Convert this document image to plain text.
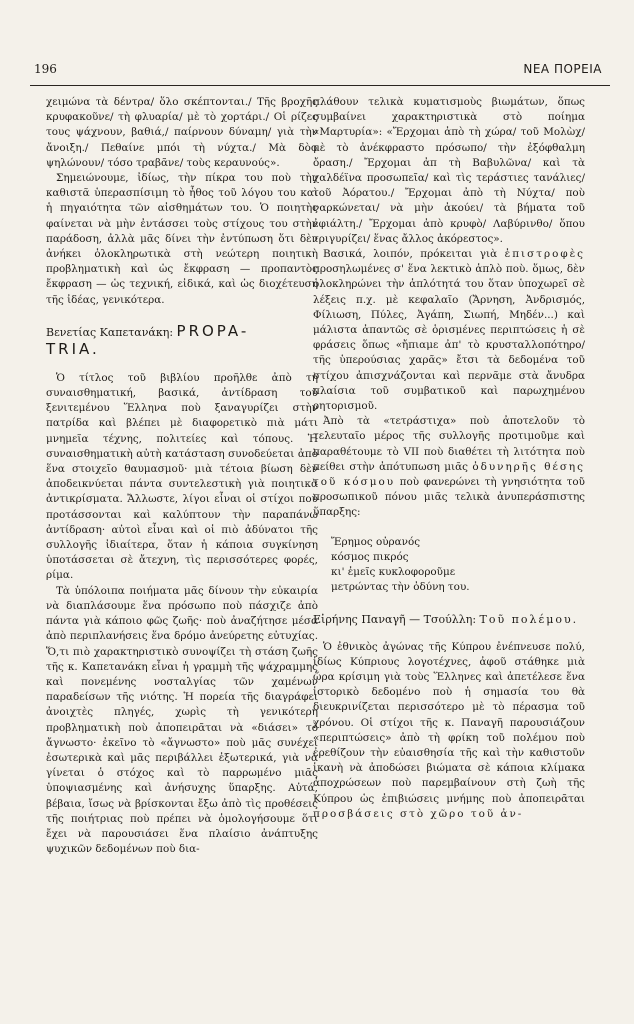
196	ΝΕΑ ΠΟΡΕΙΑ

χειμώνα τὰ δέντρα/ ὅλο σκέπτονται./ Τῆς βροχῆς κρυφακοῦνε/ τὴ φλυαρία/ μὲ τὸ χορτάρι./ Οἱ ρίζες τους ψάχνουν, βαθιά,/ παίρνουν δύναμη/ γιὰ τὴν ἄνοιξη./ Πεθαίνε μπόι τὴ νύχτα./ Μὰ δὸσ ψηλώνουν/ τόσο τραβᾶνε/ τοὺς κεραυνούς».

Σημειώνουμε, ἰδίως, τὴν πίκρα του ποὺ τὴν καθιστᾶ ὑπερασπίσιμη τὸ ἦθος τοῦ λόγου του καὶ ἡ πηγαιότητα τῶν αἰσθημάτων του. Ὁ ποιητὴς φαίνεται νὰ μὴν ἐντάσσει τοὺς στίχους του στὴν παράδοση, ἀλλὰ μᾶς δίνει τὴν ἐντύπωση ὅτι δὲν ἀνήκει ὁλοκληρωτικὰ στὴ νεώτερη ποιητικὴ προβληματικὴ καὶ ὡς ἔκφραση — προπαντὸς ἔκφραση — ὡς τεχνική, εἰδικά, καὶ ὡς διοχέτευση τῆς ἰδέας, γενικότερα.

Βενετίας Καπετανάκη: PROPA-
TRIA.

Ὁ τίτλος τοῦ βιβλίου προῆλθε ἀπὸ τὴ συναισθηματική, βασικά, ἀντίδραση τοῦ ξενιτεμένου Ἕλληνα ποὺ ξαναγυρίζει στὴν πατρίδα καὶ βλέπει μὲ διαφορετικὸ πιὰ μάτι μνημεῖα τέχνης, πολιτείες καὶ τόπους. Ἡ συναισθηματικὴ αὐτὴ κατάσταση συνοδεύεται ἀπὸ ἕνα στοιχεῖο θαυμασμοῦ· μιὰ τέτοια βίωση δὲν ἀποδεικνύεται πάντα συντελεστικὴ γιὰ ποιητικὰ ἀντικρίσματα. Ἄλλωστε, λίγοι εἶναι οἱ στίχοι ποὺ προτάσσονται καὶ καλύπτουν τὴν παραπάνω ἀντίδραση· αὐτοὶ εἶναι καὶ οἱ πιὸ ἀδύνατοι τῆς συλλογῆς ἰδιαίτερα, ὅταν ἡ κάποια συγκίνηση ὑποτάσσεται σὲ ἄτεχνη, τὶς περισσότερες φορές, ρίμα.

Τὰ ὑπόλοιπα ποιήματα μᾶς δίνουν τὴν εὐκαιρία νὰ διαπλάσουμε ἕνα πρόσωπο ποὺ πάσχιζε ἀπὸ πάντα γιὰ κάποιο φῶς ζωῆς· ποὺ ἀναζήτησε μέσα ἀπὸ περιπλανήσεις ἕνα δρόμο ἀνεύρετης εὐτυχίας. Ὅ,τι πιὸ χαρακτηριστικὸ συνοψίζει τὴ στάση ζωῆς τῆς κ. Καπετανάκη εἶναι ἡ γραμμὴ τῆς ψάχραμμης καὶ πονεμένης νοσταλγίας τῶν χαμένων παραδείσων τῆς νιότης. Ἡ πορεία τῆς διαγράφει ἀνοιχτὲς πληγές, χωρὶς τὴ γενικότερη προβληματικὴ ποὺ ἀποπειρᾶται νὰ «διάσει» τὸ ἄγνωστο· ἐκεῖνο τὸ «ἄγνωστο» ποὺ μᾶς συνέχει ἐσωτερικὰ καὶ μᾶς περιβάλλει ἐξωτερικά, γιὰ νὰ γίνεται ὁ στόχος καὶ τὸ παρρωμένο μιᾶς ὑποψιασμένης καὶ ἀνήσυχης ὕπαρξης. Αὐτά, βέβαια, ἴσως νὰ βρίσκονται ἔξω ἀπὸ τὶς προθέσεις τῆς ποιήτριας ποὺ πρέπει νὰ ὁμολογήσουμε ὅτι ἔχει νὰ παρουσιάσει ἕνα πλαίσιο ἀνάπτυξης ψυχικῶν δεδομένων ποὺ δια-

πλάθουν τελικὰ κυματισμοὺς βιωμάτων, ὅπως συμβαίνει χαρακτηριστικὰ στὸ ποίημα «Μαρτυρία»: «Ἔρχομαι ἀπὸ τὴ χώρα/ τοῦ Μολὼχ/ μὲ τὸ ἀνέκφραστο πρόσωπο/ τὴν ἐξόφθαλμη ὄραση./ Ἔρχομαι ἀπ τὴ Βαβυλῶνα/ καὶ τὰ χαλδέϊνα προσωπεῖα/ καὶ τὶς τεράστιες τανάλιες/ τοῦ Ἀόρατου./ Ἔρχομαι ἀπὸ τὴ Νύχτα/ ποὺ ναρκώνεται/ νὰ μὴν ἀκούει/ τὰ βήματα τοῦ ἐφιάλτη./ Ἔρχομαι ἀπὸ κρυφὸ/ Λαβύρινθο/ ὅπου τριγυρίζει/ ἕνας ἄλλος ἀκόρεστος».

Βασικά, λοιπόν, πρόκειται γιὰ ἐπιστροφὲς προσηλωμένες σ' ἕνα λεκτικὸ ἁπλὸ ποὺ. ὅμως, δὲν ὁλοκληρώνει τὴν ἁπλότητά του ὅταν ὑποχωρεῖ σὲ λέξεις π.χ. μὲ κεφαλαῖο (Ἄρνηση, Ἀνδρισμός, Φίλιωση, Πύλες, Ἀγάπη, Σιωπή, Μηδέν...) καὶ μάλιστα ἀπαντῶς σὲ ὁρισμένες περιπτώσεις ἡ σὲ φράσεις ὅπως «ἤπιαμε ἀπ' τὸ κρυσταλλοπότηρο/ τῆς ὑπερούσιας χαρᾶς» ἔτσι τὰ δεδομένα τοῦ στίχου ἀπισχνάζονται καὶ περνᾶμε στὰ ἄνυδρα πλαίσια τοῦ συμβατικοῦ καὶ παρωχημένου ρητορισμοῦ.

Ἀπὸ τὰ «τετράστιχα» ποὺ ἀποτελοῦν τὸ τελευταῖο μέρος τῆς συλλογῆς προτιμοῦμε καὶ παραθέτουμε τὸ VII ποὺ διαθέτει τὴ λιτότητα ποὺ πείθει στὴν ἀπότυπωση μιᾶς ὀδυνηρῆς θέσης τοῦ κόσμου ποὺ φανερώνει τὴ γνησιότητα τοῦ προσωπικοῦ πόνου μιᾶς τελικὰ ἀνυπεράσπιστης ὕπαρξης:

Ἔρημος οὐρανός
κόσμος πικρός
κι' ἐμεῖς κυκλοφοροῦμε
μετρώντας τὴν ὀδύνη του.

Εἰρήνης Παναγῆ — Τσούλλη: Τοῦ πολέμου.

Ὁ ἐθνικὸς ἀγώνας τῆς Κύπρου ἐνέπνευσε πολύ, ἰδίως Κύπριους λογοτέχνες, ἀφοῦ στάθηκε μιὰ ὥρα κρίσιμη γιὰ τοὺς Ἕλληνες καὶ ἀπετέλεσε ἕνα ἱστορικὸ δεδομένο ποὺ ἡ σημασία του θὰ διευκρινίζεται περισσότερο μὲ τὸ πέρασμα τοῦ χρόνου. Οἱ στίχοι τῆς κ. Παναγῆ παρουσιάζουν «περιπτώσεις» ἀπὸ τὴ φρίκη τοῦ πολέμου ποὺ ἐρεθίζουν τὴν εὐαισθησία τῆς καὶ τὴν καθιστοῦν ἱκανὴ νὰ ἀποδώσει βιώματα σὲ κάποια κλίμακα ἀποχρώσεων ποὺ παρεμβαίνουν στὴ ζωὴ τῆς Κύπρου ὡς ἐπιβιώσεις μνήμης ποὺ ἀποπειρᾶται προσβάσεις στὸ χῶρο τοῦ ἀν-
